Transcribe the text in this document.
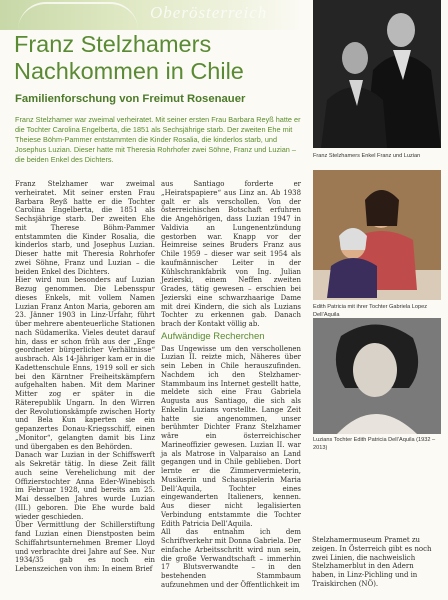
Oberösterreich
Franz Stelzhamers
Nachkommen in Chile
Familienforschung von Freimut Rosenauer

Franz Stelzhamer war zweimal verheiratet. Mit seiner ersten Frau Barbara Reyß hatte er die Tochter Carolina Engelberta, die 1851 als Sechsjährige starb. Der zweiten Ehe mit Theiese Böhm-Pammer entstammten die Kinder Rosalia, die kinderlos starb, und Josephus Luzian. Dieser hatte mit Theresia Rohrhofer zwei Söhne, Franz und Luzian – die beiden Enkel des Dichters.

Franz Stelzhamer war zweimal verheiratet. Mit seiner ersten Frau Barbara Reyß hatte er die Tochter Carolina Engelberta, die 1851 als Sechsjährige starb. Der zweiten Ehe mit Therese Böhm-Pammer entstammten die Kinder Rosalia, die kinderlos starb, und Josephus Luzian. Dieser hatte mit Theresia Rohrhofer zwei Söhne, Franz und Luzian – die beiden Enkel des Dichters.

Hier wird nun besonders auf Luzian Bezug genommen. Die Lebensspur dieses Enkels, mit vollem Namen Luzian Franz Anton Maria, geboren am 23. Jänner 1903 in Linz-Urfahr, führt über mehrere abenteuerliche Stationen nach Südamerika. Vieles deutet darauf hin, dass er schon früh aus der „Enge geordneter bürgerlicher Verhältnisse“ ausbrach. Als 14-Jähriger kam er in die Kadettenschule Enns, 1919 soll er sich bei den Kärntner Freiheitskämpfern aufgehalten haben. Mit dem Mariner Mitter zog er später in die Räterepublik Ungarn. In den Wirren der Revolutionskämpfe zwischen Horty und Bela Kun kaperten sie ein gepanzertes Donau-Kriegsschiff, einen „Monitor“, gelangten damit bis Linz und übergaben es den Behörden.

Danach war Luzian in der Schiffswerft als Sekretär tätig. In diese Zeit fällt auch seine Verehelichung mit der Offizierstochter Anna Eder-Winebisch im Februar 1928, und bereits am 25. Mai desselben Jahres wurde Luzian (III.) geboren. Die Ehe wurde bald wieder geschieden.

Über Vermittlung der Schillerstiftung fand Luzian einen Dienstposten beim Schiffahrtsunternehmen Bremer Lloyd und verbrachte drei Jahre auf See. Nur 1934/35 gab es noch ein Lebenszeichen von ihm: In einem Brief

aus Santiago forderte er „Heiratspapiere“ aus Linz an. Ab 1938 galt er als verschollen. Von der österreichischen Botschaft erfuhren die Angehörigen, dass Luzian 1947 in Valdivia an Lungenentzündung gestorben war. Knapp vor der Heimreise seines Bruders Franz aus Chile 1959 – dieser war seit 1954 als kaufmännischer Leiter in der Kühlschrankfabrik von Ing. Julian Jezierski, einem Neffen zweiten Grades, tätig gewesen – erschien bei Jezierski eine schwarzhaarige Dame mit drei Kindern, die sich als Luzians Tochter zu erkennen gab. Danach brach der Kontakt völlig ab.

Aufwändige Recherchen

Das Ungewisse um den verschollenen Luzian II. reizte mich, Näheres über sein Leben in Chile herauszufinden. Nachdem ich den Stelzhamer-Stammbaum ins Internet gestellt hatte, meldete sich eine Frau Gabriela Augusta aus Santiago, die sich als Enkelin Luzians vorstellte. Lange Zeit hatte sie angenommen, unser berühmter Dichter Franz Stelzhamer wäre ein österreichischer Marineoffizier gewesen. Luzian II. war ja als Matrose in Valparaiso an Land gegangen und in Chile geblieben. Dort lernte er die Zimmervermieterin, Musikerin und Schauspielerin Maria Dell’Aquila, Tochter eines eingewanderten Italieners, kennen. Aus dieser nicht legalisierten Verbindung entstammte die Tochter Edith Patricia Dell’Aquila.

All das entnahm ich dem Schriftverkehr mit Donna Gabriela. Der einfache Arbeitsschritt wird nun sein, die große Verwandtschaft – immerhin 17 Blutsverwandte – in den bestehenden Stammbaum aufzunehmen und der Öffentlichkeit im

Franz Stelzhamers Enkel Franz und Luzian
Edith Patricia mit ihrer Tochter Gabriela Lopez Dell’Aquila
Luzians Tochter Edith Patricia Dell’Aquila (1932 – 2013)
Stelzhamermuseum Pramet zu zeigen. In Österreich gibt es noch zwei Linien, die nachweislich Stelzhamerblut in den Adern haben, in Linz-Pichling und in Traiskirchen (NÖ).
